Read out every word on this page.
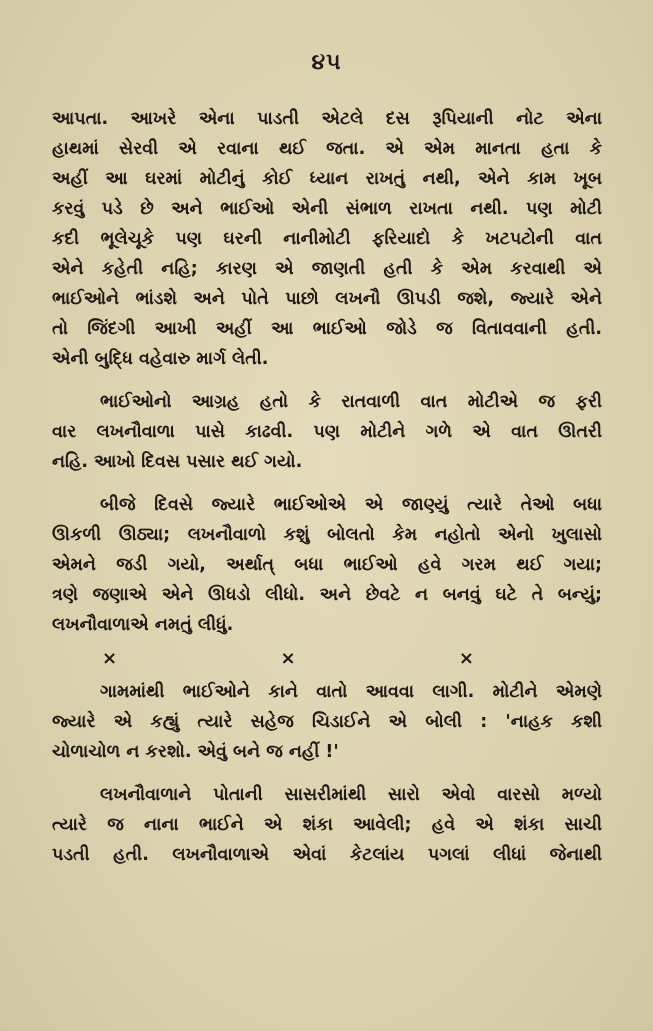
૪૫

આપતા. આખરે એના પાડતી એટલે દસ રૂપિયાની નોટ એના
હાથમાં સેરવી એ રવાના થઈ જતા. એ એમ માનતા હતા કે
અહીં આ ઘરમાં મોટીનું કોઈ ધ્યાન રાખતું નથી, એને કામ ખૂબ
કરવું પડે છે અને ભાઈઓ એની સંભાળ રાખતા નથી. પણ મોટી
કદી ભૂલેચૂકે પણ ઘરની નાનીમોટી ફરિયાદો કે ખટપટોની વાત
એને કહેતી નહિ; કારણ એ જાણતી હતી કે એમ કરવાથી એ
ભાઈઓને ભાંડશે અને પોતે પાછો લખનૌ ઊપડી જશે, જ્યારે એને
તો જિંદગી આખી અહીં આ ભાઈઓ જોડે જ વિતાવવાની હતી.
એની બુદ્ધિ વહેવારુ માર્ગ લેતી.

ભાઈઓનો આગ્રહ હતો કે રાતવાળી વાત મોટીએ જ ફરી
વાર લખનૌવાળા પાસે કાઢવી. પણ મોટીને ગળે એ વાત ઊતરી
નહિ. આખો દિવસ પસાર થઈ ગયો.

બીજે દિવસે જ્યારે ભાઈઓએ એ જાણ્યું ત્યારે તેઓ બધા
ઊકળી ઊઠ્યા; લખનૌવાળો કશું બોલતો કેમ નહોતો એનો ખુલાસો
એમને જડી ગયો, અર્થાત્ બધા ભાઈઓ હવે ગરમ થઈ ગયા;
ત્રણે જણાએ એને ઊધડો લીધો. અને છેવટે ન બનવું ઘટે તે બન્યું;
લખનૌવાળાએ નમતું લીધું.

×	×	×

ગામમાંથી ભાઈઓને કાને વાતો આવવા લાગી. મોટીને એમણે
જ્યારે એ કહ્યું ત્યારે સહેજ ચિડાઈને એ બોલી : 'નાહક કશી
ચોળાચોળ ન કરશો. એવું બને જ નહીં !'

લખનૌવાળાને પોતાની સાસરીમાંથી સારો એવો વારસો મળ્યો
ત્યારે જ નાના ભાઈને એ શંકા આવેલી; હવે એ શંકા સાચી
પડતી હતી. લખનૌવાળાએ એવાં કેટલાંય પગલાં લીધાં જેનાથી
